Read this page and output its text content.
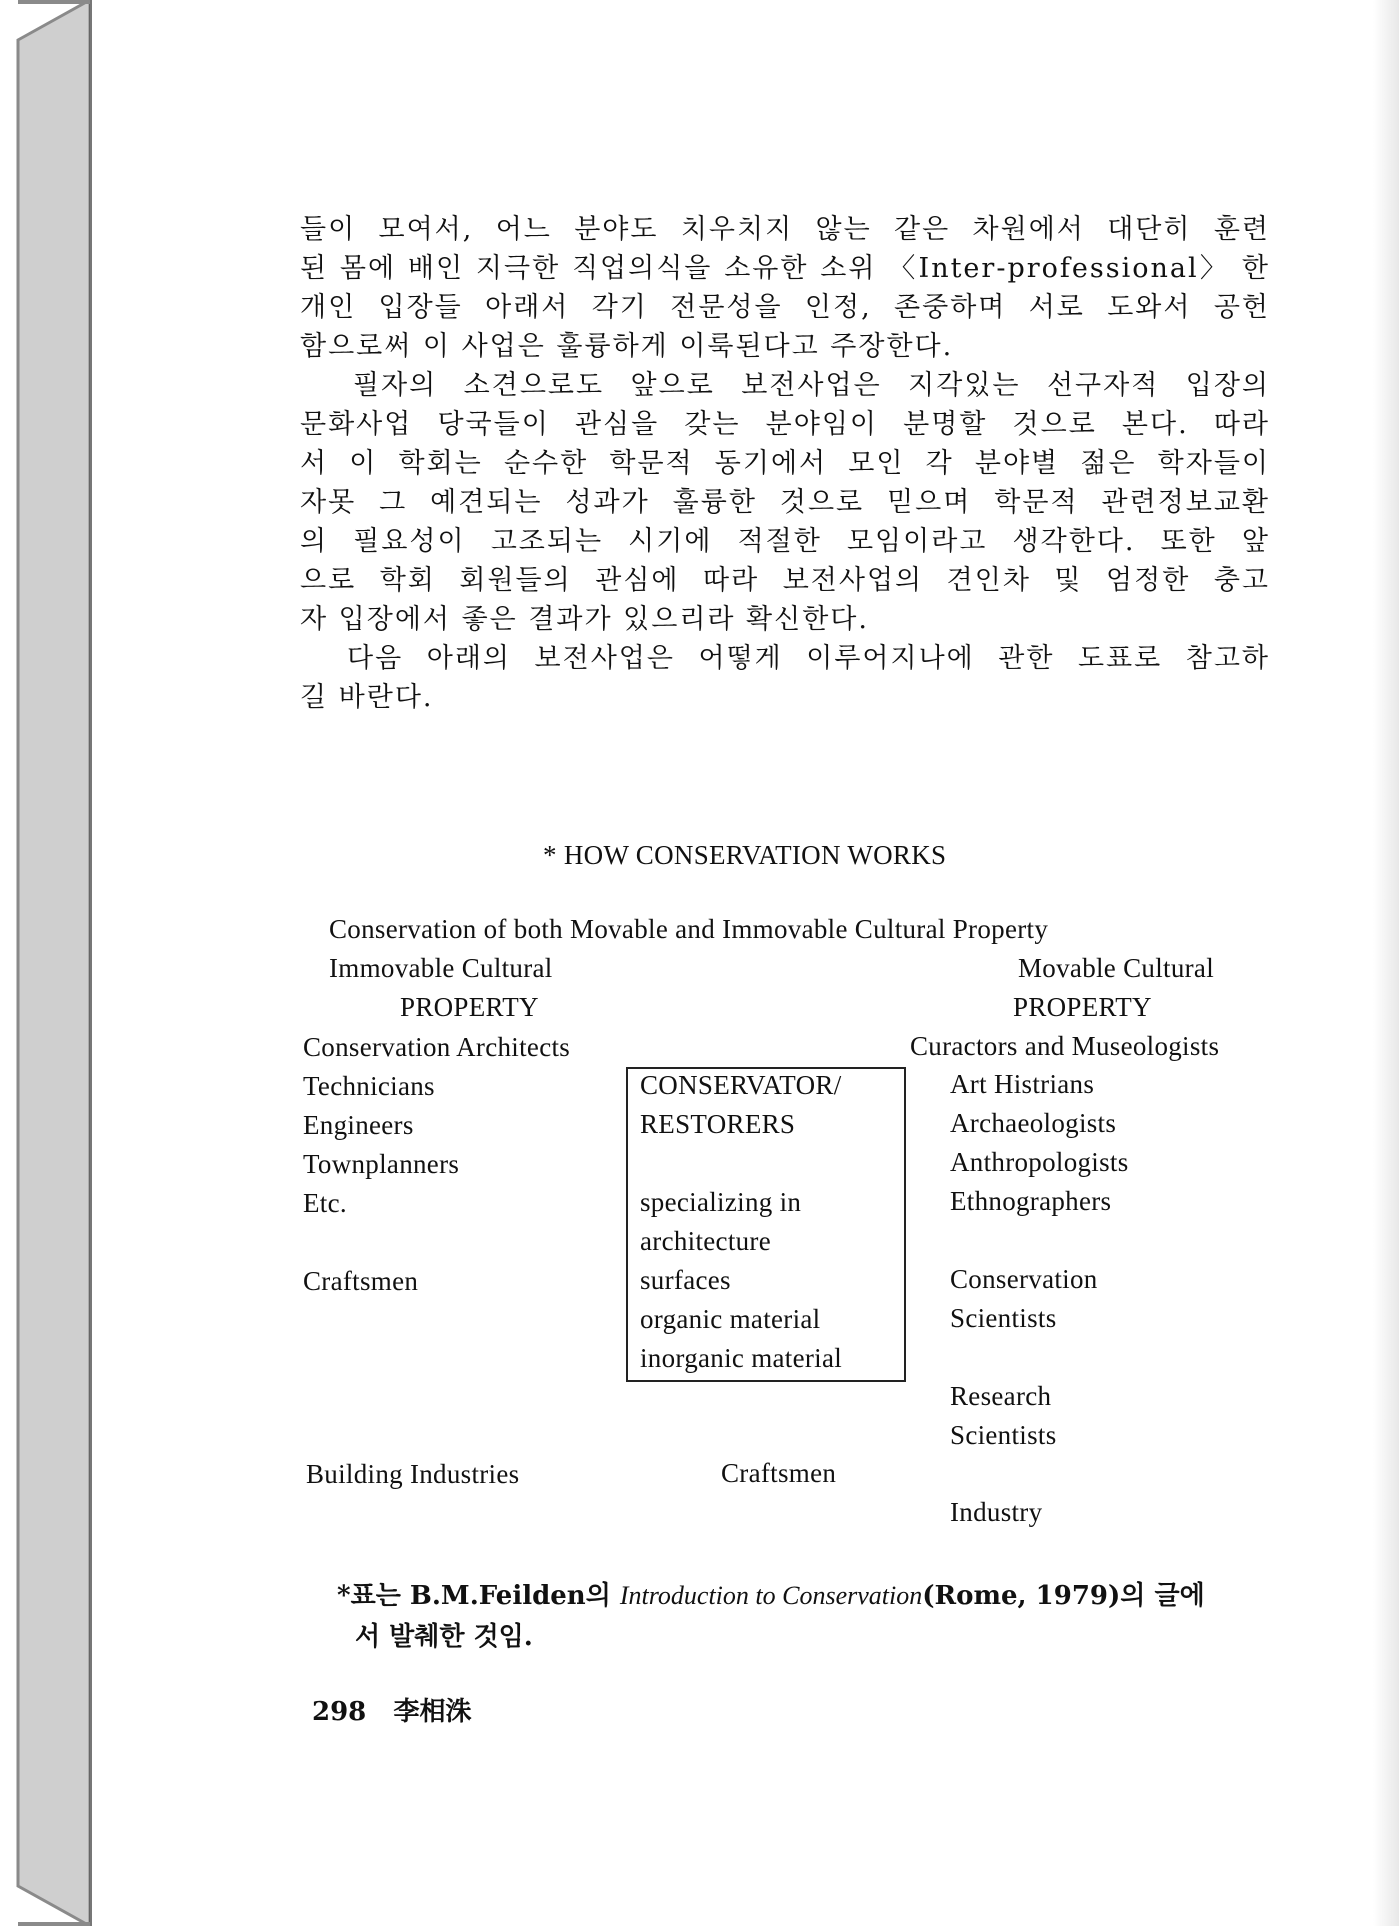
들이 모여서, 어느 분야도 치우치지 않는 같은 차원에서 대단히 훈련
된 몸에 배인 지극한 직업의식을 소유한 소위 〈Inter-professional〉 한
개인 입장들 아래서 각기 전문성을 인정, 존중하며 서로 도와서 공헌
함으로써 이 사업은 훌륭하게 이룩된다고 주장한다.
필자의 소견으로도 앞으로 보전사업은 지각있는 선구자적 입장의
문화사업 당국들이 관심을 갖는 분야임이 분명할 것으로 본다. 따라
서 이 학회는 순수한 학문적 동기에서 모인 각 분야별 젊은 학자들이
자못 그 예견되는 성과가 훌륭한 것으로 믿으며 학문적 관련정보교환
의 필요성이 고조되는 시기에 적절한 모임이라고 생각한다. 또한 앞
으로 학회 회원들의 관심에 따라 보전사업의 견인차 및 엄정한 충고
자 입장에서 좋은 결과가 있으리라 확신한다.
다음 아래의 보전사업은 어떻게 이루어지나에 관한 도표로 참고하
길 바란다.
* HOW CONSERVATION WORKS
Conservation of both Movable and Immovable Cultural Property
Immovable Cultural
PROPERTY
Movable Cultural
PROPERTY
Conservation Architects	Curactors and Museologists
Technicians
Engineers
Townplanners
Etc.
Craftsmen
CONSERVATOR/
RESTORERS
specializing in
architecture
surfaces
organic material
inorganic material
Art Histrians
Archaeologists
Anthropologists
Ethnographers
Conservation
Scientists
Research
Scientists
Building Industries	Craftsmen
Industry
*표는 B.M.Feilden의 Introduction to Conservation(Rome, 1979)의 글에
서 발췌한 것임.
298 李相洙
